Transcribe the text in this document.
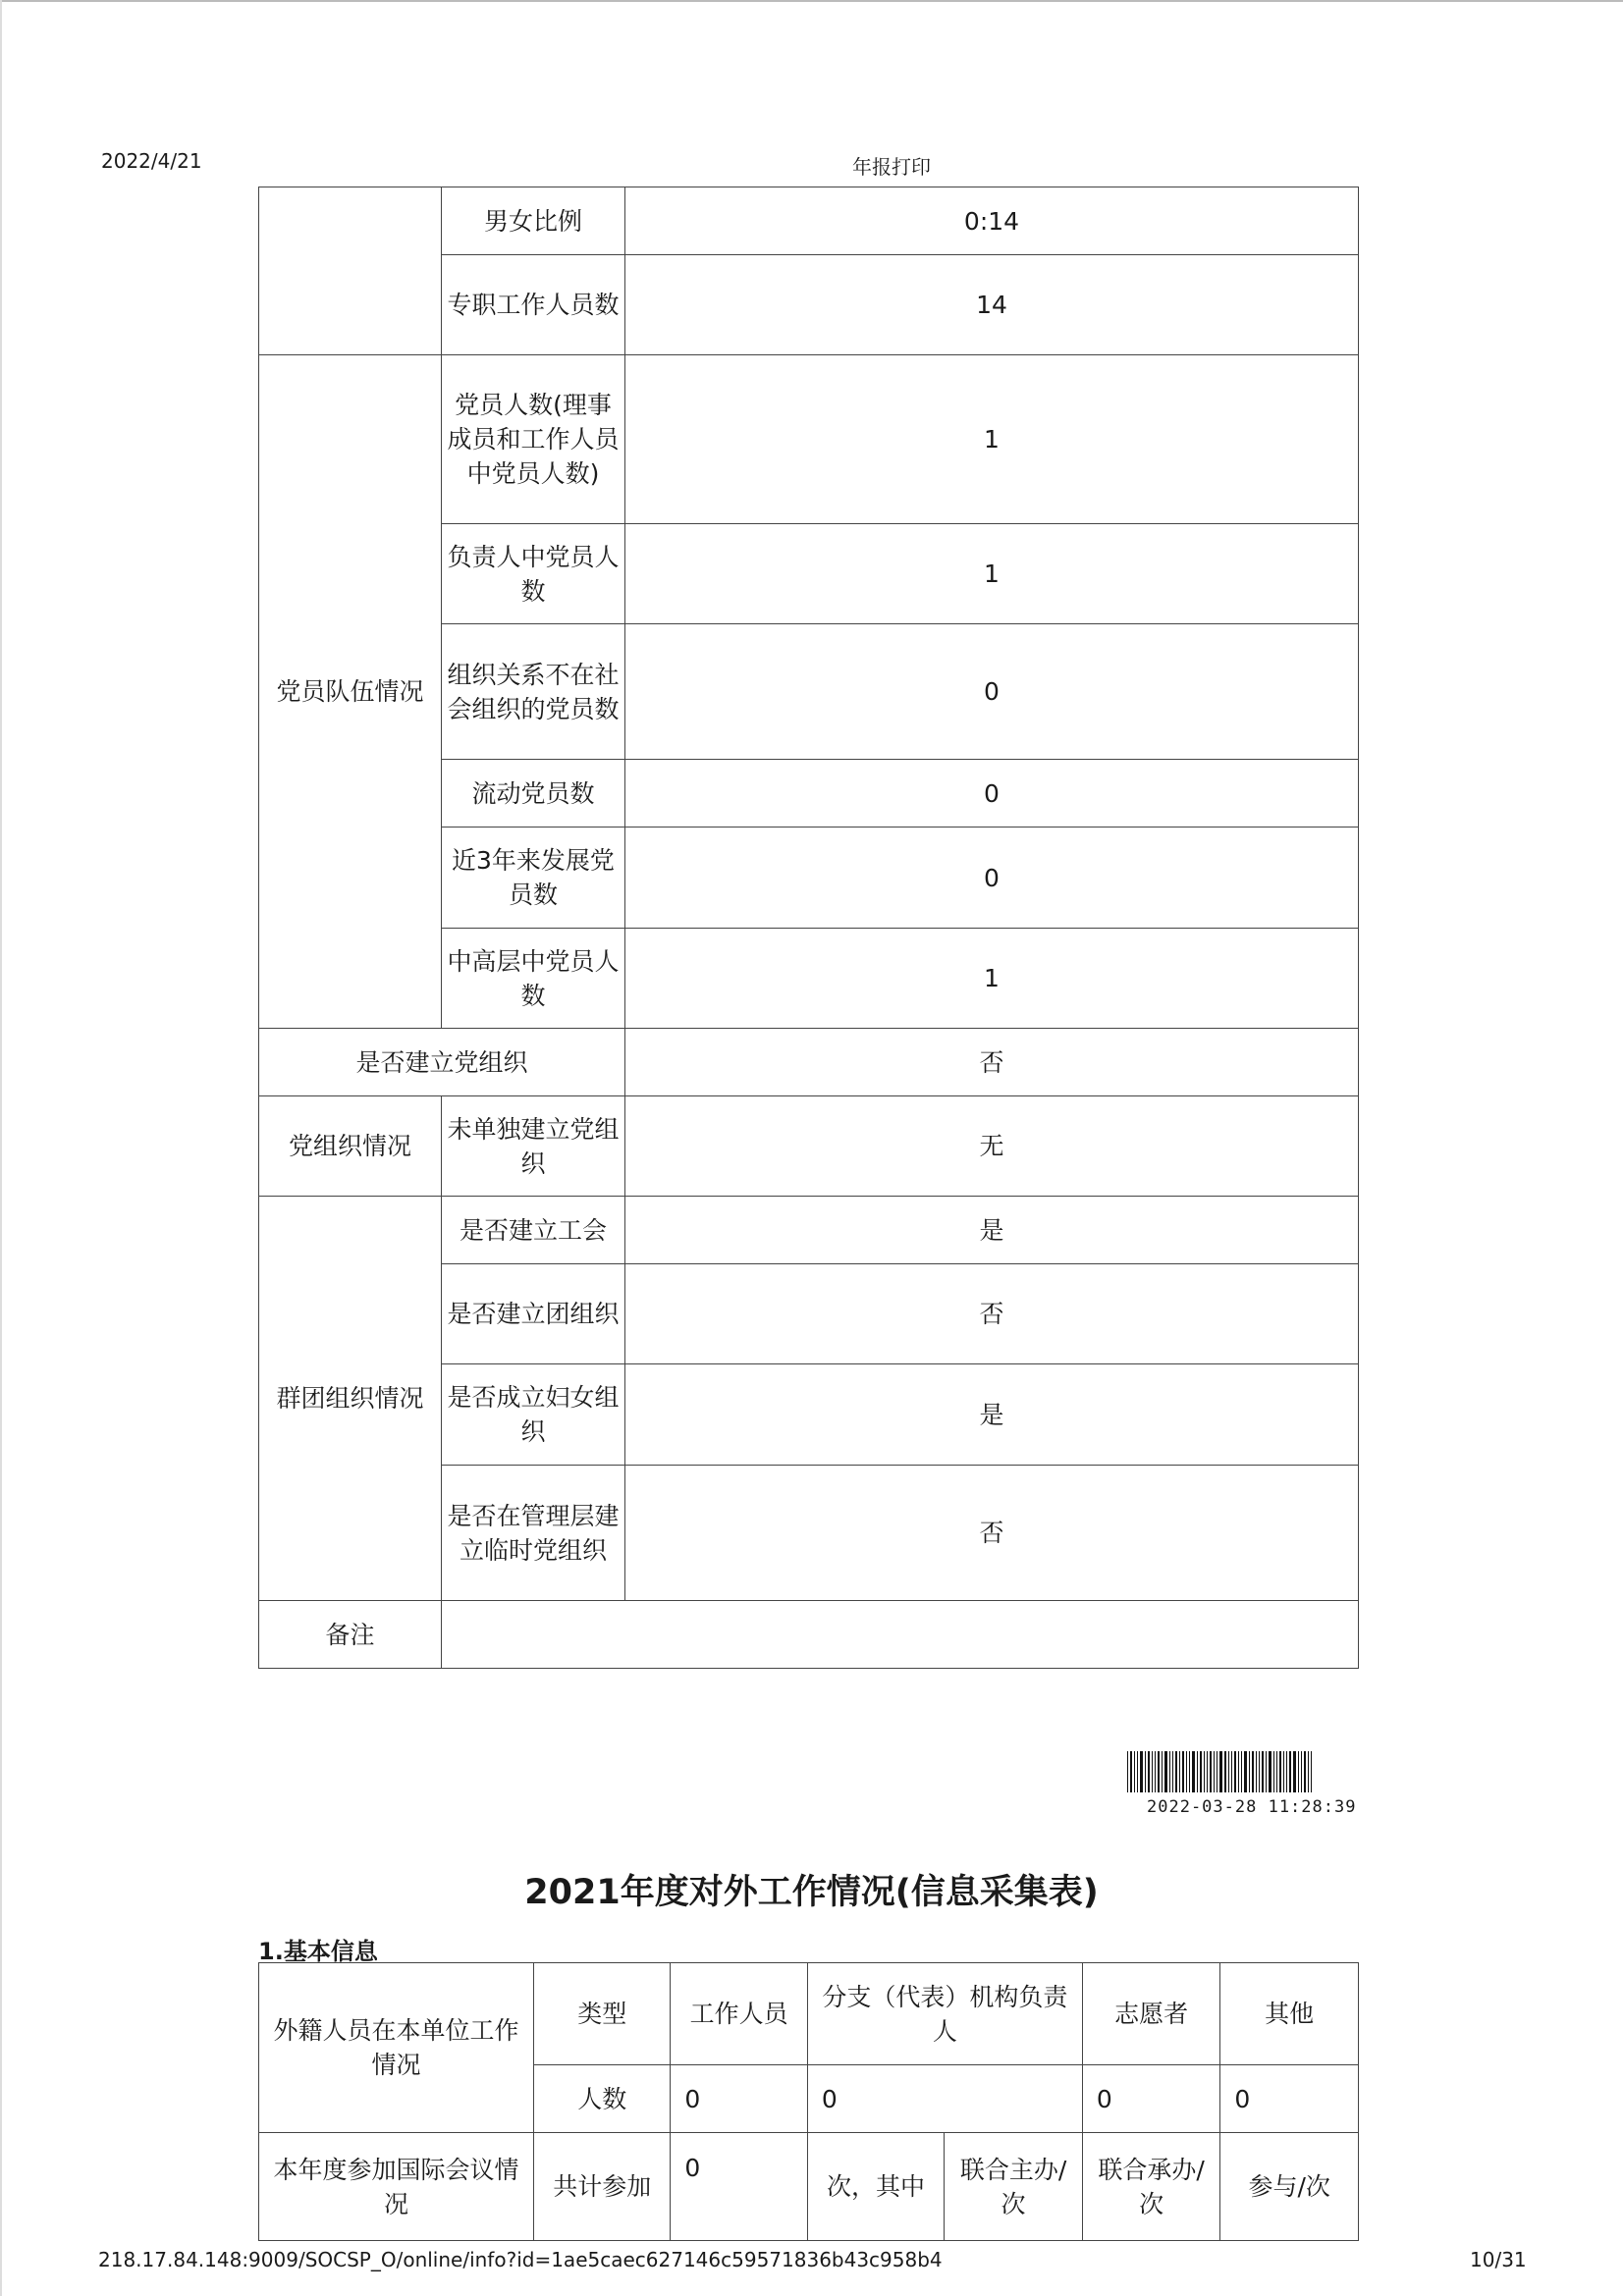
2022/4/21	年报打印
	男女比例	0:14
	专职工作人员数	14
党员队伍情况	党员人数(理事成员和工作人员中党员人数)	1
	负责人中党员人数	1
	组织关系不在社会组织的党员数	0
	流动党员数	0
	近3年来发展党员数	0
	中高层中党员人数	1
是否建立党组织		否
党组织情况	未单独建立党组织	无
群团组织情况	是否建立工会	是
	是否建立团组织	否
	是否成立妇女组织	是
	是否在管理层建立临时党组织	否
备注		
2022-03-28 11:28:39
2021年度对外工作情况(信息采集表)
1.基本信息
外籍人员在本单位工作情况	类型	工作人员	分支（代表）机构负责人		志愿者	其他
	人数	0	0		0	0
本年度参加国际会议情况	共计参加	0	次，其中	联合主办/次	联合承办/次	参与/次
218.17.84.148:9009/SOCSP_O/online/info?id=1ae5caec627146c59571836b43c958b4	10/31
